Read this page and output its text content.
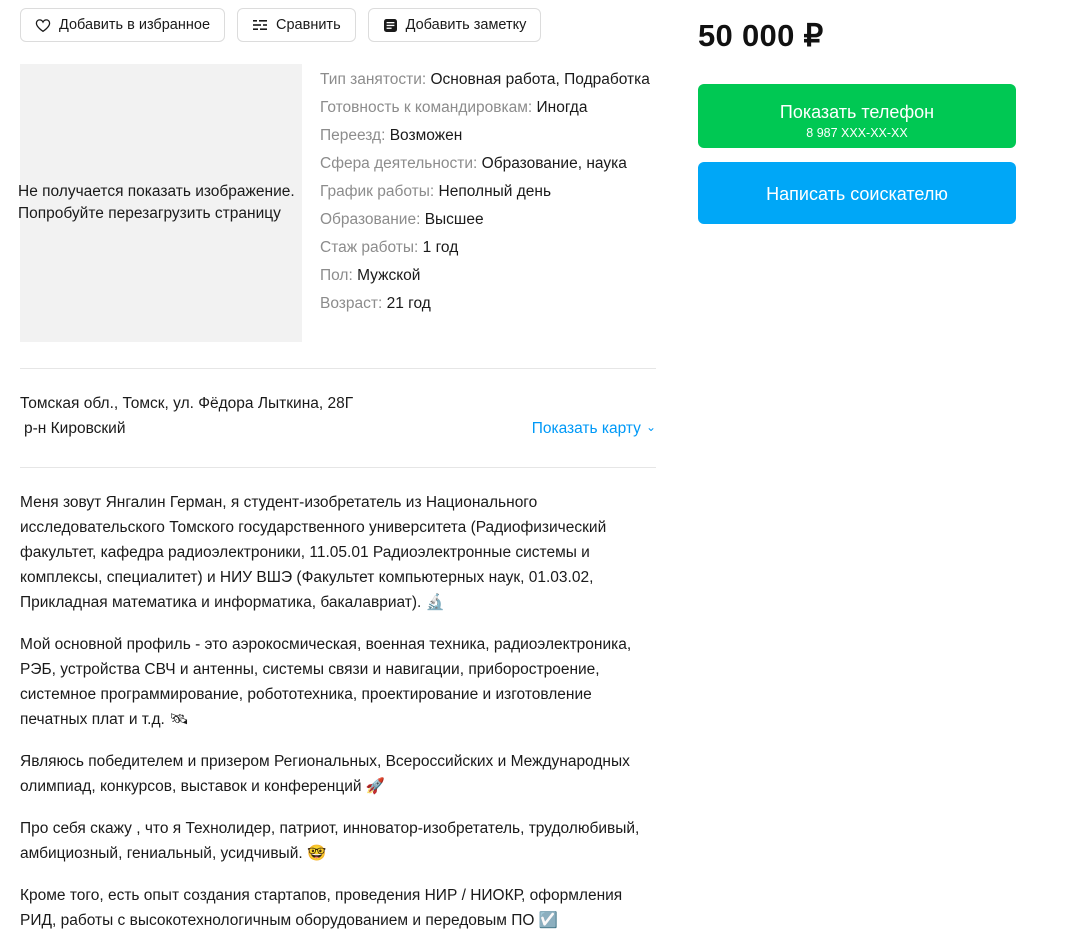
Добавить в избранное	Сравнить	Добавить заметку
Не получается показать изображение.
Попробуйте перезагрузить страницу
Тип занятости: Основная работа, Подработка
Готовность к командировкам: Иногда
Переезд: Возможен
Сфера деятельности: Образование, наука
График работы: Неполный день
Образование: Высшее
Стаж работы: 1 год
Пол: Мужской
Возраст: 21 год
Томская обл., Томск, ул. Фёдора Лыткина, 28Г
р-н Кировский	Показать карту ⌄

Меня зовут Янгалин Герман, я студент-изобретатель из Национального исследовательского Томского государственного университета (Радиофизический факультет, кафедра радиоэлектроники, 11.05.01 Радиоэлектронные системы и комплексы, специалитет) и НИУ ВШЭ (Факультет компьютерных наук, 01.03.02, Прикладная математика и информатика, бакалавриат). 🔬

Мой основной профиль - это аэрокосмическая, военная техника, радиоэлектроника, РЭБ, устройства СВЧ и антенны, системы связи и навигации, приборостроение, системное программирование, робототехника, проектирование и изготовление печатных плат и т.д. 🛰

Являюсь победителем и призером Региональных, Всероссийских и Международных олимпиад, конкурсов, выставок и конференций 🚀

Про себя скажу , что я Технолидер, патриот, инноватор-изобретатель, трудолюбивый, амбициозный, гениальный, усидчивый. 🤓

Кроме того, есть опыт создания стартапов, проведения НИР / НИОКР, оформления РИД, работы с высокотехнологичным оборудованием и передовым ПО ☑️

50 000 ₽
Показать телефон
8 987 XXX-XX-XX
Написать соискателю
